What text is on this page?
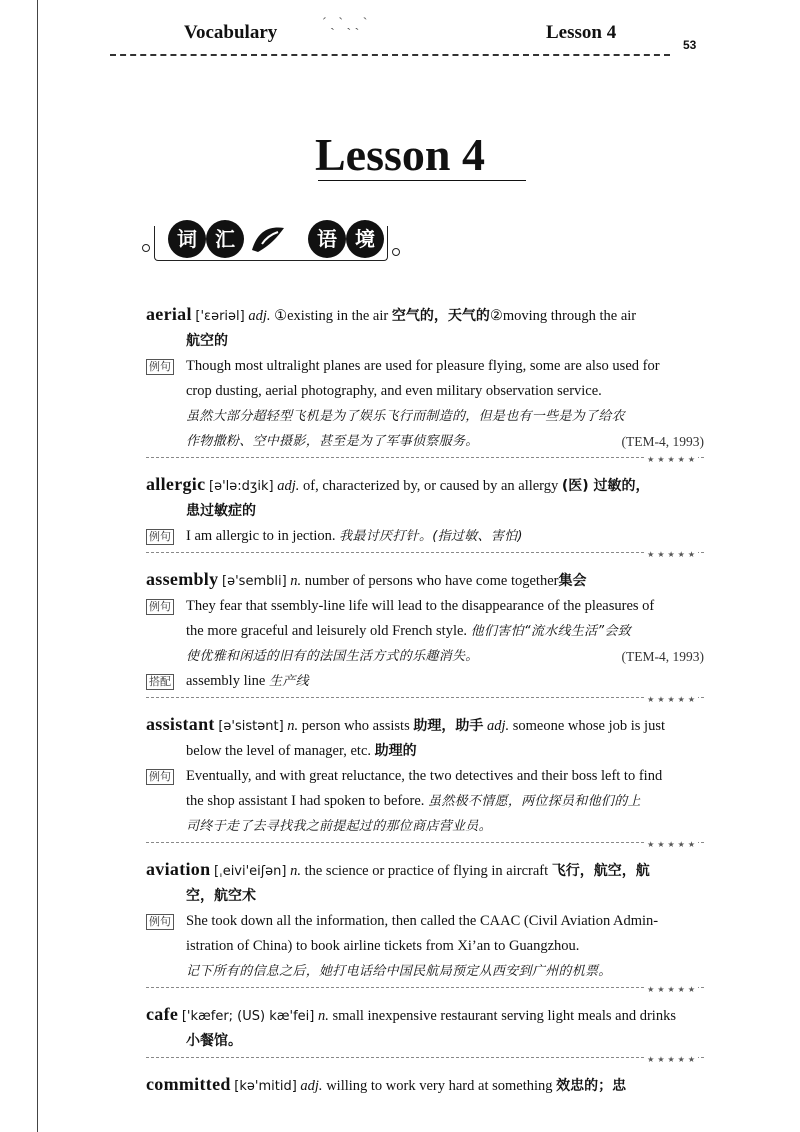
Vocabulary	ˊ ˏ ˋ ˎ ˏ ˋ	Lesson 4
53
Lesson 4
词 汇	语 境
aerial ['ɛəriəl] adj. ①existing in the air 空气的，天气的②moving through the air
航空的
例句 Though most ultralight planes are used for pleasure flying, some are also used for
crop dusting, aerial photography, and even military observation service.
虽然大部分超轻型飞机是为了娱乐飞行而制造的，但是也有一些是为了给农
作物撒粉、空中摄影，甚至是为了军事侦察服务。	(TEM-4, 1993)
★★★★★
allergic [ə'lə:dʒik] adj. of, characterized by, or caused by an allergy (医) 过敏的，
患过敏症的
例句 I am allergic to in jection. 我最讨厌打针。(指过敏、害怕)
★★★★★
assembly [ə'sembli] n. number of persons who have come together集会
例句 They fear that ssembly-line life will lead to the disappearance of the pleasures of
the more graceful and leisurely old French style. 他们害怕“流水线生活”会致
使优雅和闲适的旧有的法国生活方式的乐趣消失。	(TEM-4, 1993)
搭配 assembly line 生产线
★★★★★
assistant [ə'sistənt] n. person who assists 助理，助手 adj. someone whose job is just
below the level of manager, etc. 助理的
例句 Eventually, and with great reluctance, the two detectives and their boss left to find
the shop assistant I had spoken to before. 虽然极不情愿，两位探员和他们的上
司终于走了去寻找我之前提起过的那位商店营业员。
★★★★★
aviation [ˌeivi'eiʃən] n. the science or practice of flying in aircraft 飞行，航空，航
空，航空术
例句 She took down all the information, then called the CAAC (Civil Aviation Admin-
istration of China) to book airline tickets from Xi’an to Guangzhou.
记下所有的信息之后，她打电话给中国民航局预定从西安到广州的机票。
★★★★★
cafe ['kæfer; (US) kæ'fei] n. small inexpensive restaurant serving light meals and drinks
小餐馆。
★★★★★
committed [kə'mitid] adj. willing to work very hard at something 效忠的；忠
